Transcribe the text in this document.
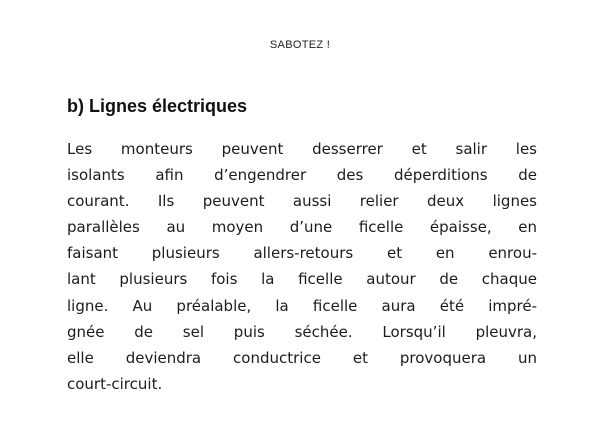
SABOTEZ !
b) Lignes électriques
Les monteurs peuvent desserrer et salir les
isolants afin d’engendrer des déperditions de
courant. Ils peuvent aussi relier deux lignes
parallèles au moyen d’une ficelle épaisse, en
faisant plusieurs allers-retours et en enrou-
lant plusieurs fois la ficelle autour de chaque
ligne. Au préalable, la ficelle aura été impré-
gnée de sel puis séchée. Lorsqu’il pleuvra,
elle deviendra conductrice et provoquera un
court-circuit.
